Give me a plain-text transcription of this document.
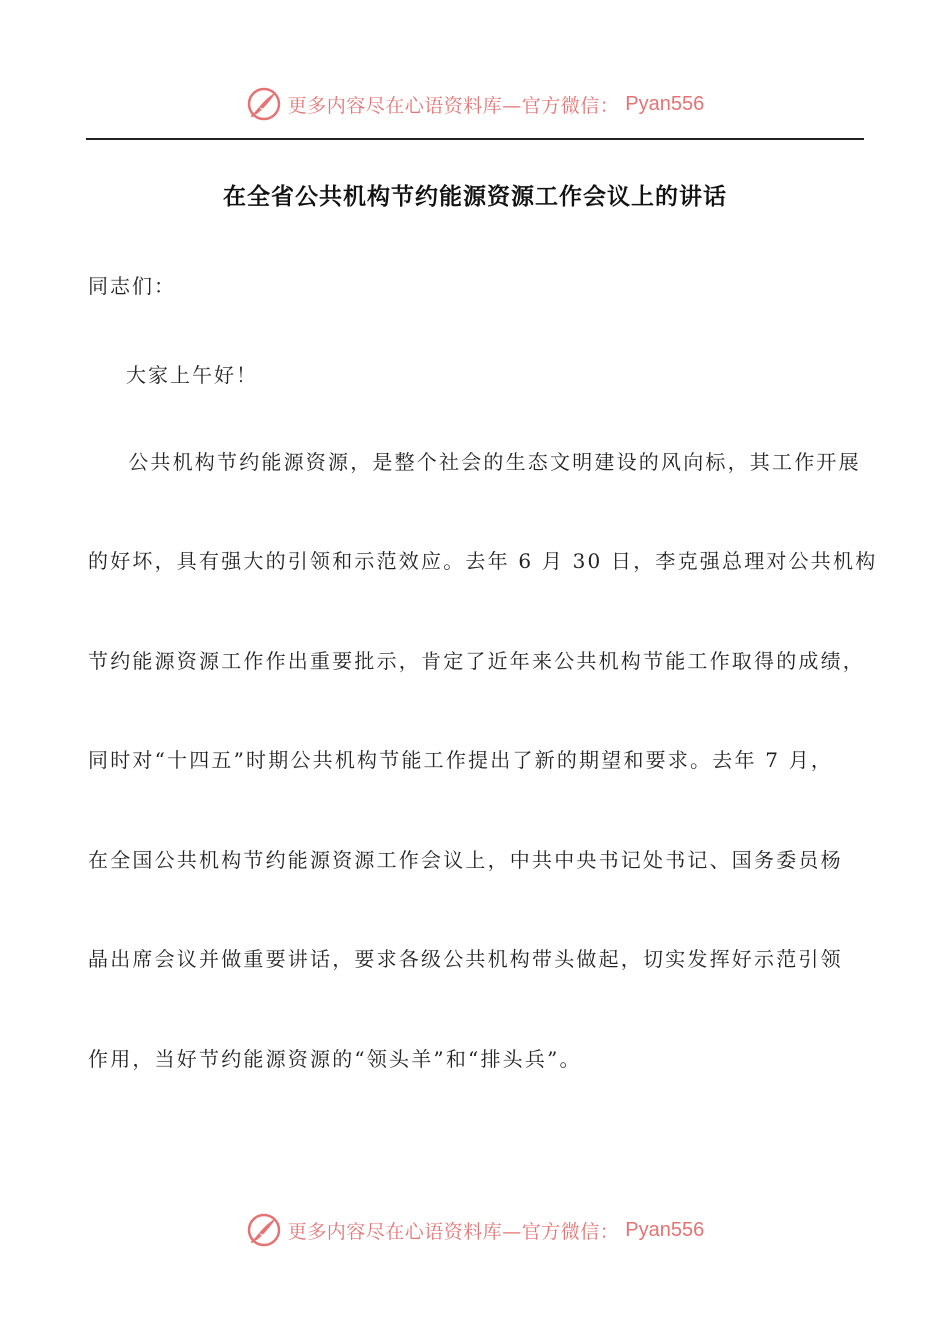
更多内容尽在心语资料库—官方微信： Pyan556
在全省公共机构节约能源资源工作会议上的讲话

同志们：

大家上午好！

　公共机构节约能源资源，是整个社会的生态文明建设的风向标，其工作开展

的好坏，具有强大的引领和示范效应。去年 6 月 30 日，李克强总理对公共机构

节约能源资源工作作出重要批示，肯定了近年来公共机构节能工作取得的成绩，

同时对“十四五”时期公共机构节能工作提出了新的期望和要求。去年 7 月，

在全国公共机构节约能源资源工作会议上，中共中央书记处书记、国务委员杨

晶出席会议并做重要讲话，要求各级公共机构带头做起，切实发挥好示范引领

作用，当好节约能源资源的“领头羊”和“排头兵”。

更多内容尽在心语资料库—官方微信： Pyan556
